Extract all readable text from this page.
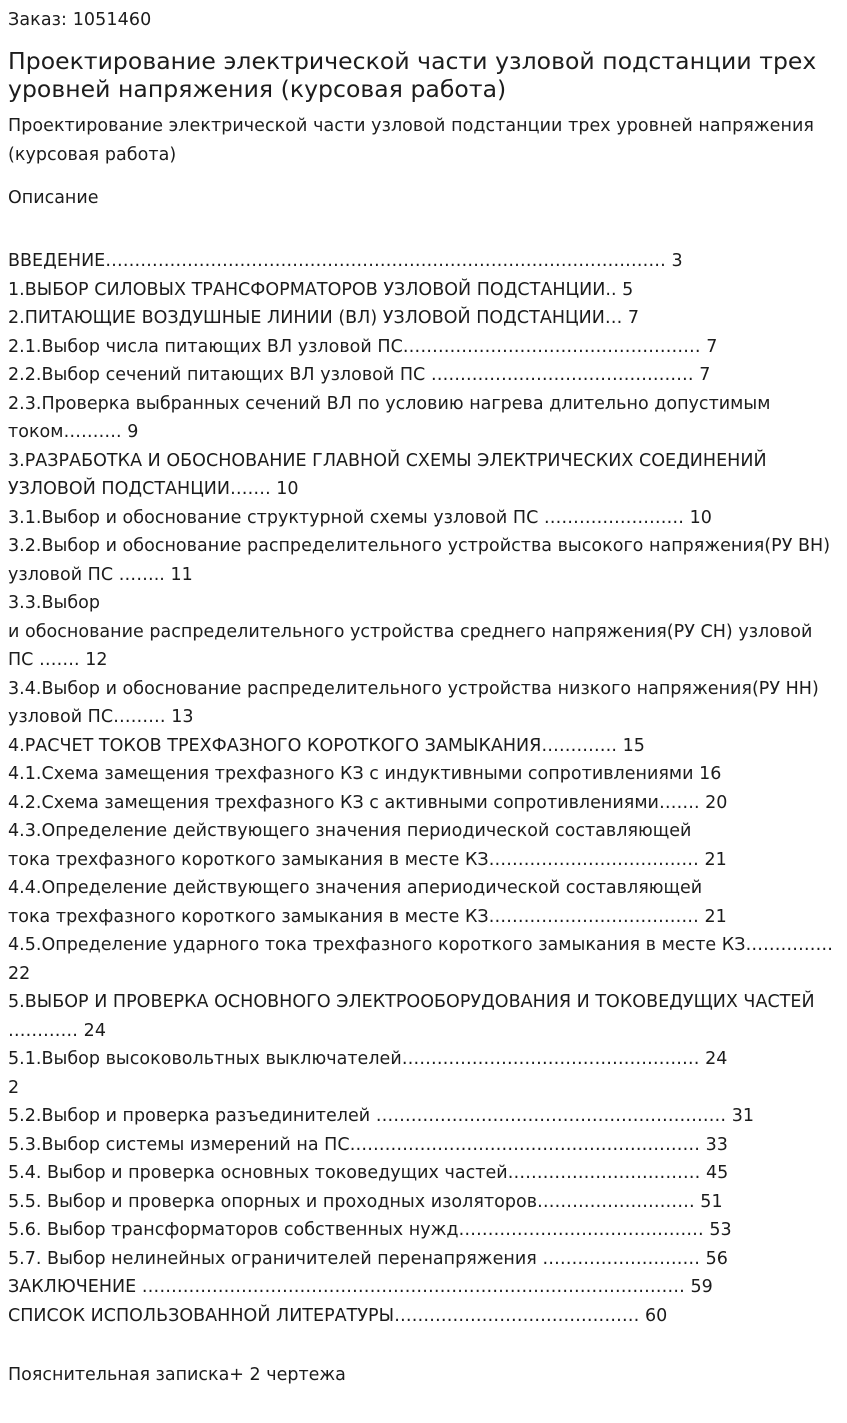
Заказ: 1051460

Проектирование электрической части узловой подстанции трех уровней напряжения (курсовая работа)

Проектирование электрической части узловой подстанции трех уровней напряжения (курсовая работа)

Описание

ВВЕДЕНИЕ…………………………………………………………………………………… 3
1.ВЫБОР СИЛОВЫХ ТРАНСФОРМАТОРОВ УЗЛОВОЙ ПОДСТАНЦИИ.. 5
2.ПИТАЮЩИЕ ВОЗДУШНЫЕ ЛИНИИ (ВЛ) УЗЛОВОЙ ПОДСТАНЦИИ… 7
2.1.Выбор числа питающих ВЛ узловой ПС…………………………………………… 7
2.2.Выбор сечений питающих ВЛ узловой ПС ……………………………………… 7
2.3.Проверка выбранных сечений ВЛ по условию нагрева длительно допустимым током………. 9
3.РАЗРАБОТКА И ОБОСНОВАНИЕ ГЛАВНОЙ СХЕМЫ ЭЛЕКТРИЧЕСКИХ СОЕДИНЕНИЙ УЗЛОВОЙ ПОДСТАНЦИИ……. 10
3.1.Выбор и обоснование структурной схемы узловой ПС …………………… 10
3.2.Выбор и обоснование распределительного устройства высокого напряжения(РУ ВН) узловой ПС …….. 11
3.3.Выбор
и обоснование распределительного устройства среднего напряжения(РУ СН) узловой ПС ……. 12
3.4.Выбор и обоснование распределительного устройства низкого напряжения(РУ НН) узловой ПС……… 13
4.РАСЧЕТ ТОКОВ ТРЕХФАЗНОГО КОРОТКОГО ЗАМЫКАНИЯ…………. 15
4.1.Схема замещения трехфазного КЗ с индуктивными сопротивлениями 16
4.2.Схема замещения трехфазного КЗ с активными сопротивлениями……. 20
4.3.Определение действующего значения периодической составляющей
тока трехфазного короткого замыкания в месте КЗ……………………………… 21
4.4.Определение действующего значения апериодической составляющей
тока трехфазного короткого замыкания в месте КЗ……………………………… 21
4.5.Определение ударного тока трехфазного короткого замыкания в месте КЗ…………… 22
5.ВЫБОР И ПРОВЕРКА ОСНОВНОГО ЭЛЕКТРООБОРУДОВАНИЯ И ТОКОВЕДУЩИХ ЧАСТЕЙ ………… 24
5.1.Выбор высоковольтных выключателей…………………………………………… 24
2
5.2.Выбор и проверка разъединителей …………………………………………………… 31
5.3.Выбор системы измерений на ПС…………………………………………………… 33
5.4. Выбор и проверка основных токоведущих частей…………………………… 45
5.5. Выбор и проверка опорных и проходных изоляторов……………………… 51
5.6. Выбор трансформаторов собственных нужд…………………………………… 53
5.7. Выбор нелинейных ограничителей перенапряжения ……………………… 56
ЗАКЛЮЧЕНИЕ ………………………………………………………………………………… 59
СПИСОК ИСПОЛЬЗОВАННОЙ ЛИТЕРАТУРЫ…………………………………… 60

Пояснительная записка+ 2 чертежа
